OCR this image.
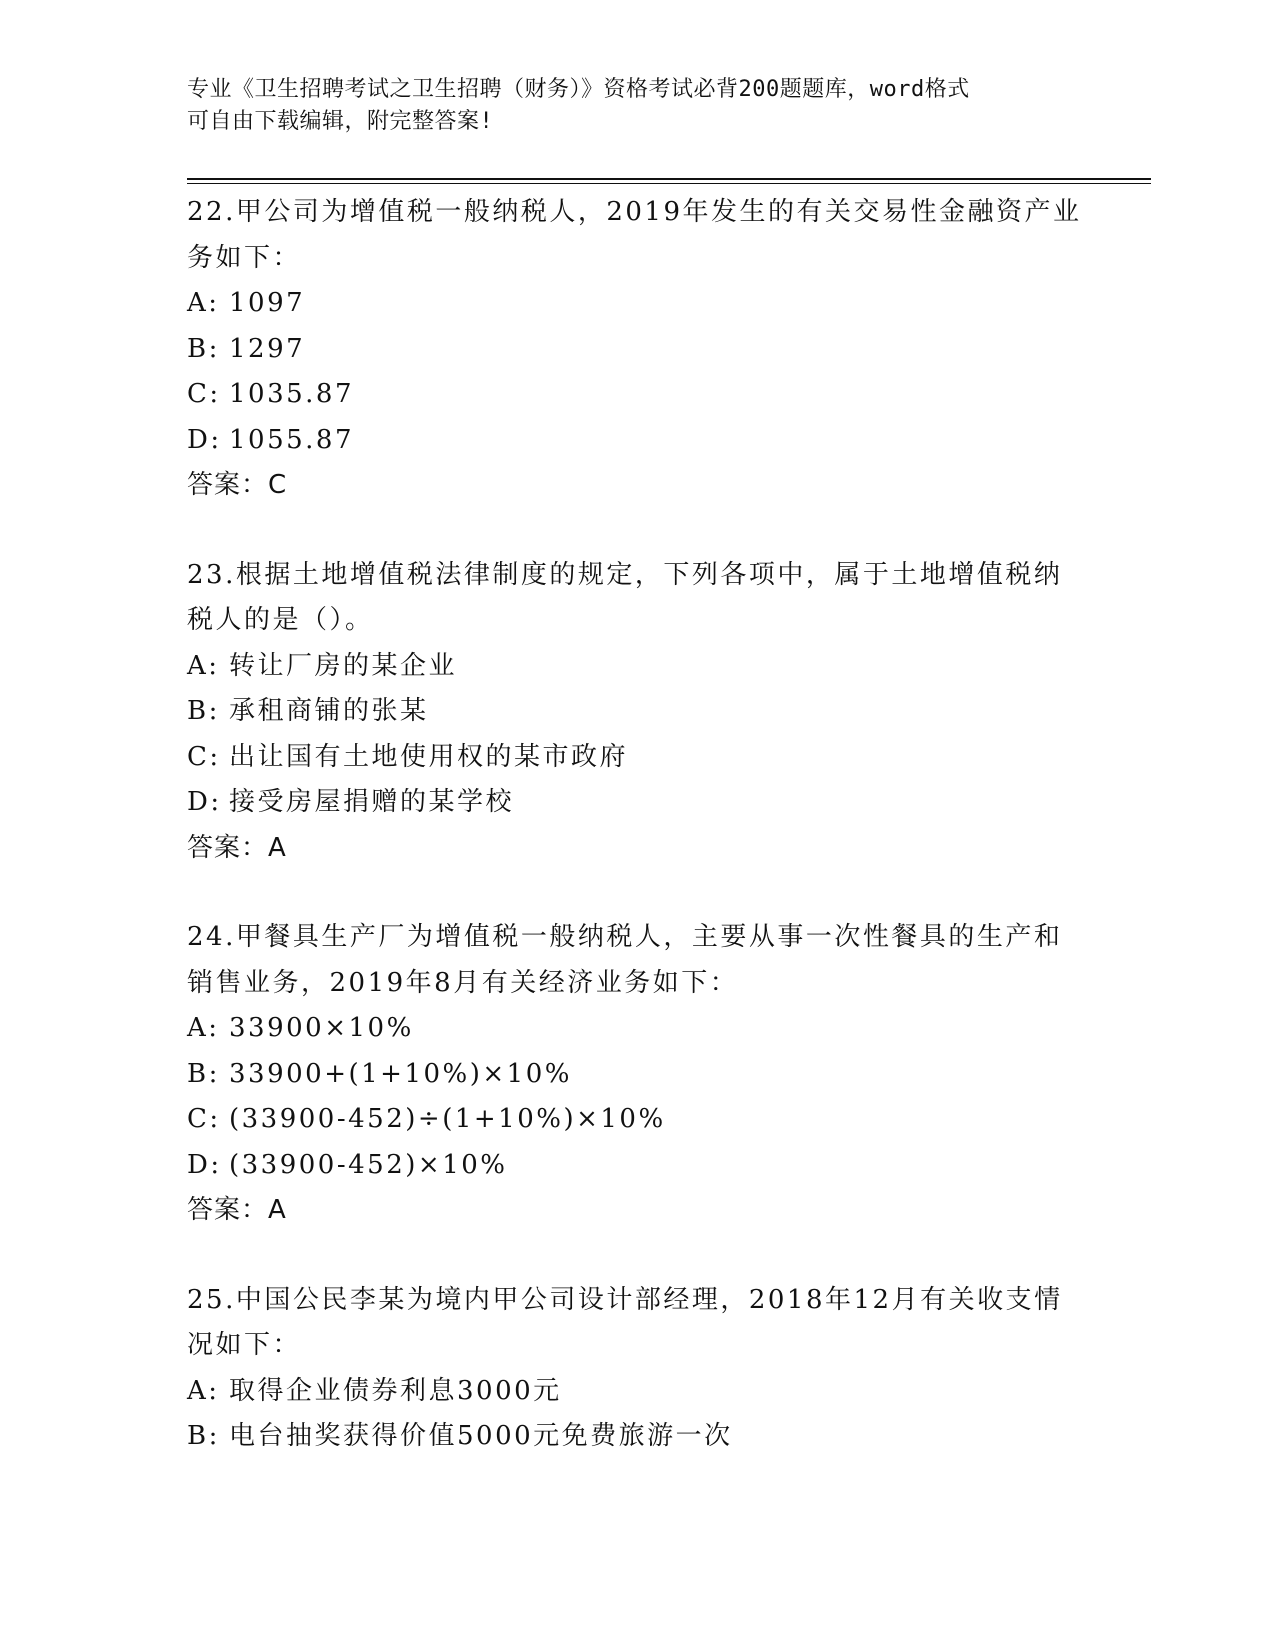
专业《卫生招聘考试之卫生招聘（财务）》资格考试必背200题题库，word格式
可自由下载编辑，附完整答案!
22.甲公司为增值税一般纳税人，2019年发生的有关交易性金融资产业
务如下：
A: 1097
B: 1297
C: 1035.87
D: 1055.87
答案：C
23.根据土地增值税法律制度的规定，下列各项中，属于土地增值税纳
税人的是（）。
A: 转让厂房的某企业
B: 承租商铺的张某
C: 出让国有土地使用权的某市政府
D: 接受房屋捐赠的某学校
答案：A
24.甲餐具生产厂为增值税一般纳税人，主要从事一次性餐具的生产和
销售业务，2019年8月有关经济业务如下：
A: 33900×10%
B: 33900+(1+10%)×10%
C: (33900-452)÷(1+10%)×10%
D: (33900-452)×10%
答案：A
25.中国公民李某为境内甲公司设计部经理，2018年12月有关收支情
况如下：
A: 取得企业债券利息3000元
B: 电台抽奖获得价值5000元免费旅游一次
